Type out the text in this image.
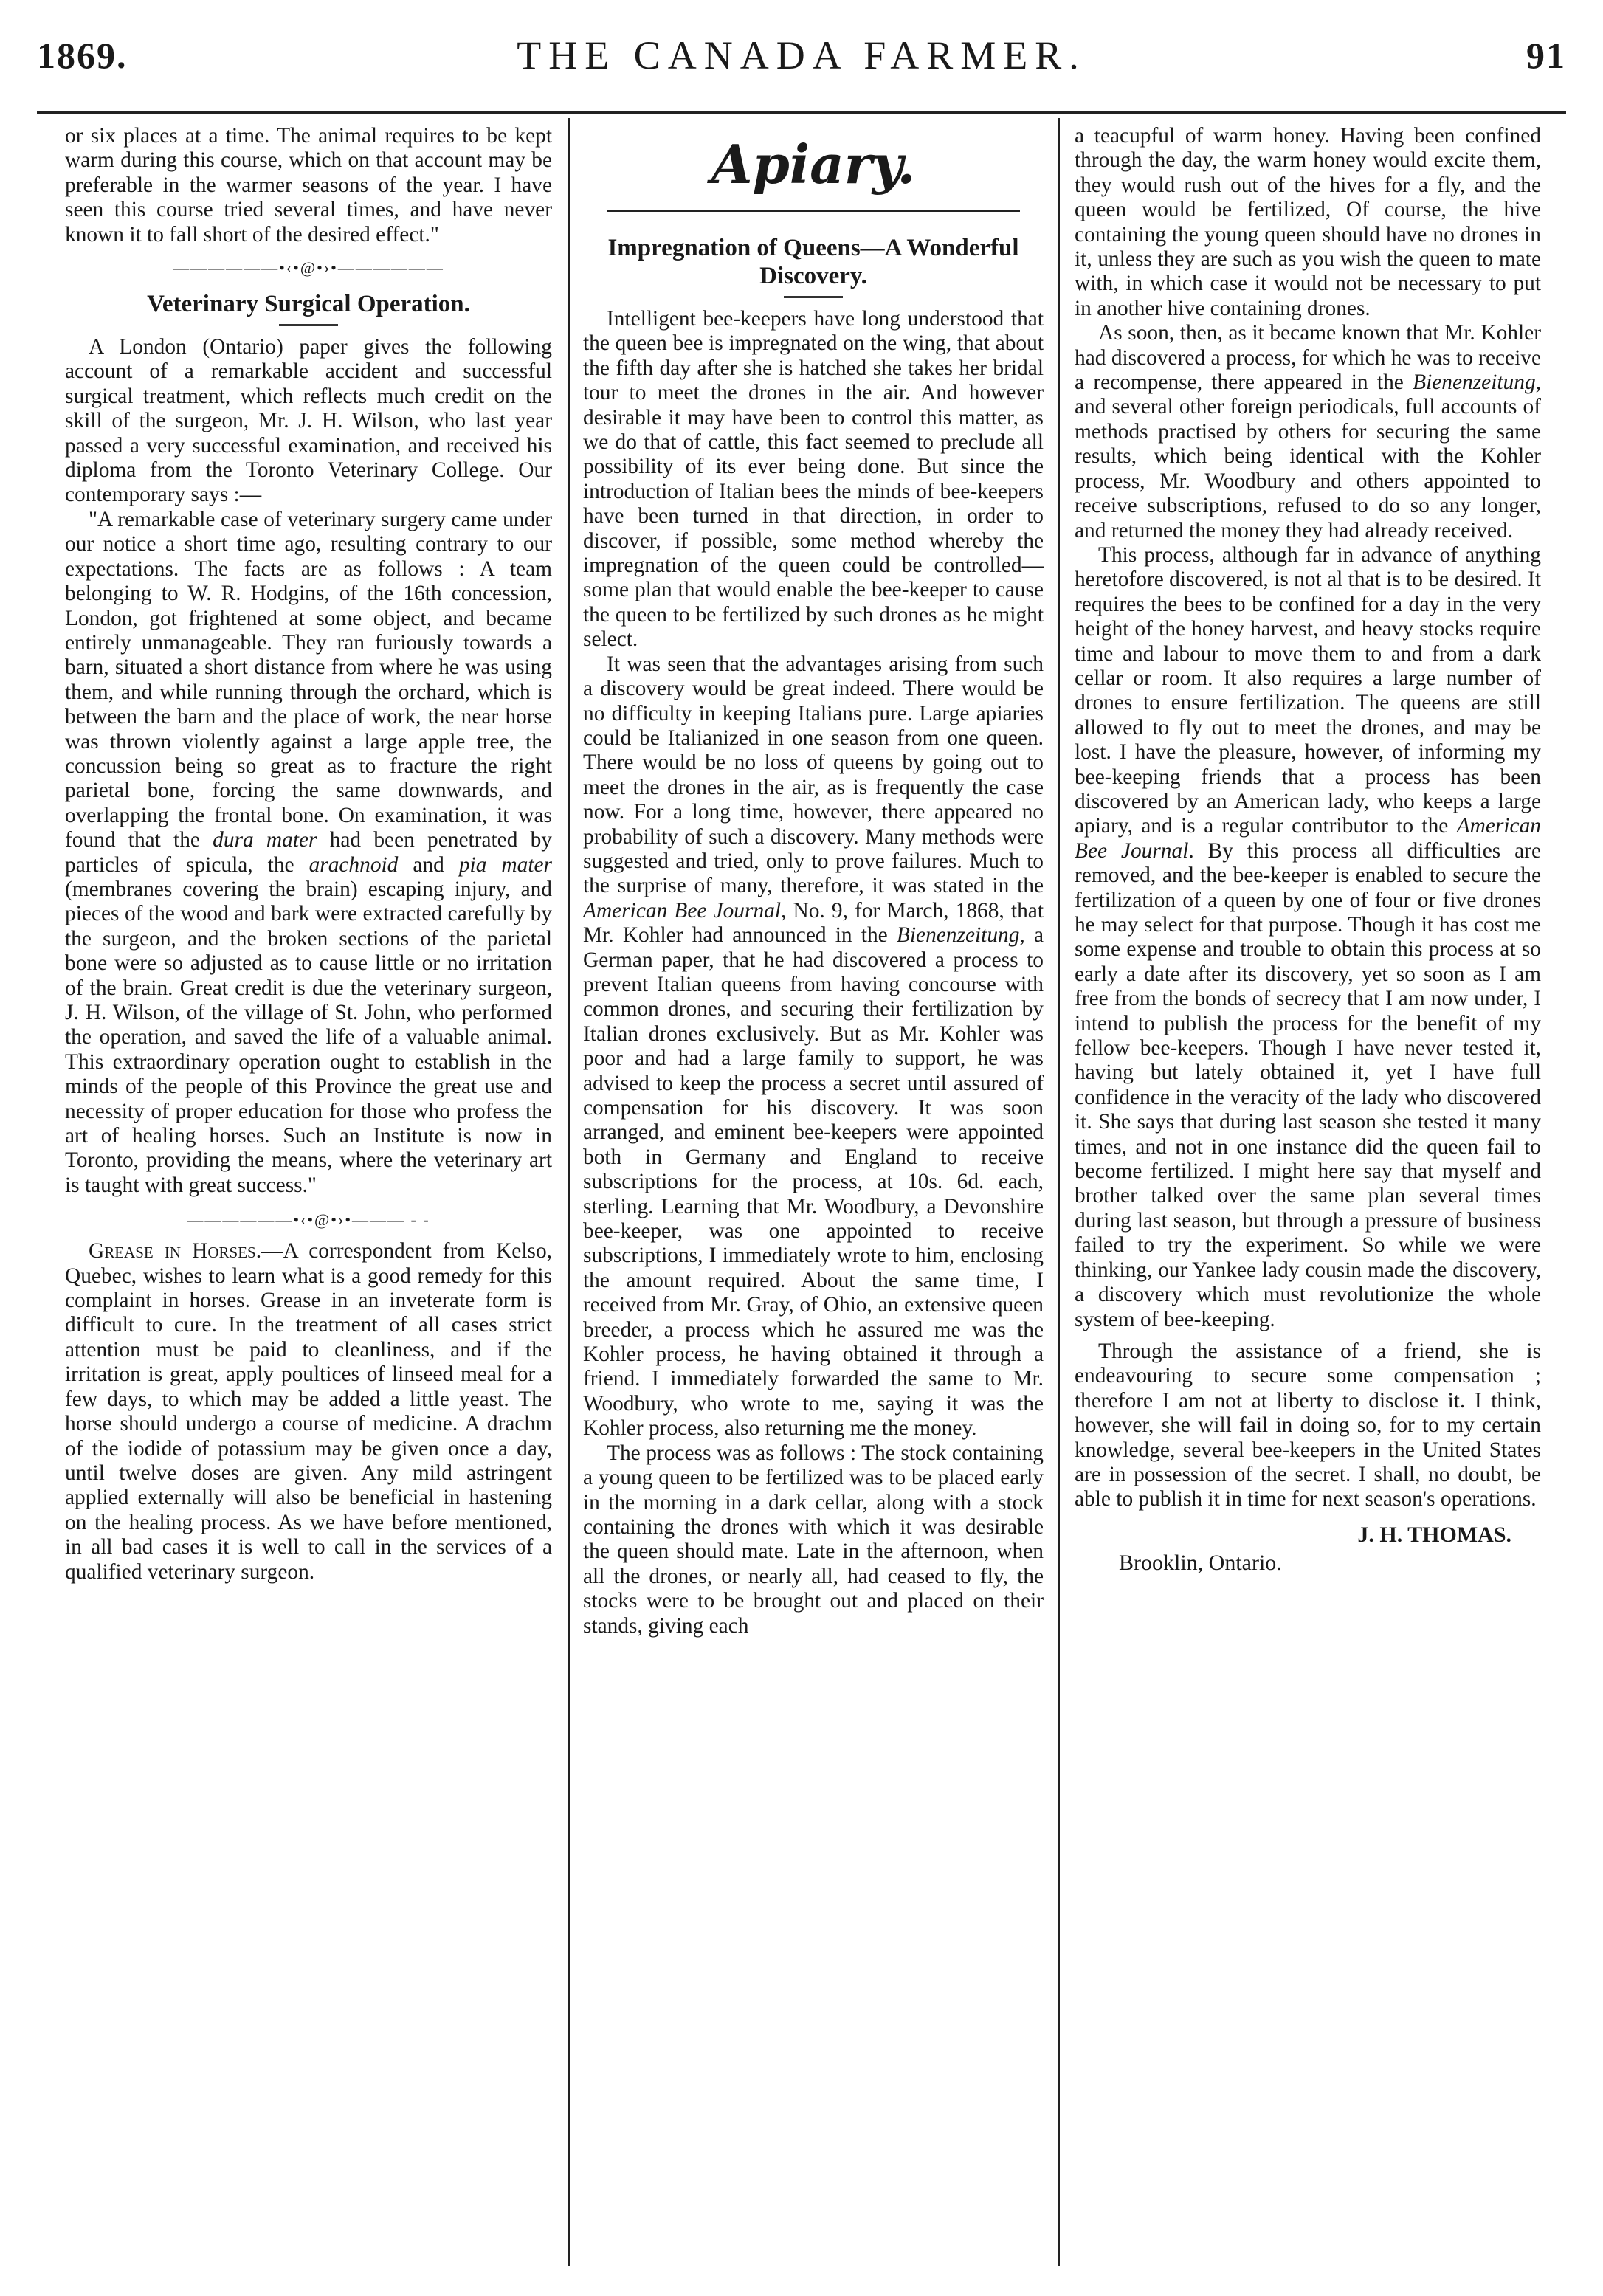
1869.	THE CANADA FARMER.	91

or six places at a time. The animal requires to be kept warm during this course, which on that account may be preferable in the warmer seasons of the year. I have seen this course tried several times, and have never known it to fall short of the desired effect."

——————•‹•@•›•——————
Veterinary Surgical Operation.

A London (Ontario) paper gives the following account of a remarkable accident and successful surgical treatment, which reflects much credit on the skill of the surgeon, Mr. J. H. Wilson, who last year passed a very successful examination, and received his diploma from the Toronto Veterinary College. Our contemporary says :—

"A remarkable case of veterinary surgery came under our notice a short time ago, resulting contrary to our expectations. The facts are as follows : A team belonging to W. R. Hodgins, of the 16th concession, London, got frightened at some object, and became entirely unmanageable. They ran furiously towards a barn, situated a short distance from where he was using them, and while running through the orchard, which is between the barn and the place of work, the near horse was thrown violently against a large apple tree, the concussion being so great as to fracture the right parietal bone, forcing the same downwards, and overlapping the frontal bone. On examination, it was found that the dura mater had been penetrated by particles of spicula, the arachnoid and pia mater (membranes covering the brain) escaping injury, and pieces of the wood and bark were extracted carefully by the surgeon, and the broken sections of the parietal bone were so adjusted as to cause little or no irritation of the brain. Great credit is due the veterinary surgeon, J. H. Wilson, of the village of St. John, who performed the operation, and saved the life of a valuable animal. This extraordinary operation ought to establish in the minds of the people of this Province the great use and necessity of proper education for those who profess the art of healing horses. Such an Institute is now in Toronto, providing the means, where the veterinary art is taught with great success."

——————•‹•@•›•——— - -

Grease in Horses.—A correspondent from Kelso, Quebec, wishes to learn what is a good remedy for this complaint in horses. Grease in an inveterate form is difficult to cure. In the treatment of all cases strict attention must be paid to cleanliness, and if the irritation is great, apply poultices of linseed meal for a few days, to which may be added a little yeast. The horse should undergo a course of medicine. A drachm of the iodide of potassium may be given once a day, until twelve doses are given. Any mild astringent applied externally will also be beneficial in hastening on the healing process. As we have before mentioned, in all bad cases it is well to call in the services of a qualified veterinary surgeon.

Apiary.
Impregnation of Queens—A Wonderful Discovery.

Intelligent bee-keepers have long understood that the queen bee is impregnated on the wing, that about the fifth day after she is hatched she takes her bridal tour to meet the drones in the air. And however desirable it may have been to control this matter, as we do that of cattle, this fact seemed to preclude all possibility of its ever being done. But since the introduction of Italian bees the minds of bee-keepers have been turned in that direction, in order to discover, if possible, some method whereby the impregnation of the queen could be controlled—some plan that would enable the bee-keeper to cause the queen to be fertilized by such drones as he might select.

It was seen that the advantages arising from such a discovery would be great indeed. There would be no difficulty in keeping Italians pure. Large apiaries could be Italianized in one season from one queen. There would be no loss of queens by going out to meet the drones in the air, as is frequently the case now. For a long time, however, there appeared no probability of such a discovery. Many methods were suggested and tried, only to prove failures. Much to the surprise of many, therefore, it was stated in the American Bee Journal, No. 9, for March, 1868, that Mr. Kohler had announced in the Bienenzeitung, a German paper, that he had discovered a process to prevent Italian queens from having concourse with common drones, and securing their fertilization by Italian drones exclusively. But as Mr. Kohler was poor and had a large family to support, he was advised to keep the process a secret until assured of compensation for his discovery. It was soon arranged, and eminent bee-keepers were appointed both in Germany and England to receive subscriptions for the process, at 10s. 6d. each, sterling. Learning that Mr. Woodbury, a Devonshire bee-keeper, was one appointed to receive subscriptions, I immediately wrote to him, enclosing the amount required. About the same time, I received from Mr. Gray, of Ohio, an extensive queen breeder, a process which he assured me was the Kohler process, he having obtained it through a friend. I immediately forwarded the same to Mr. Woodbury, who wrote to me, saying it was the Kohler process, also returning me the money.

The process was as follows : The stock containing a young queen to be fertilized was to be placed early in the morning in a dark cellar, along with a stock containing the drones with which it was desirable the queen should mate. Late in the afternoon, when all the drones, or nearly all, had ceased to fly, the stocks were to be brought out and placed on their stands, giving each

a teacupful of warm honey. Having been confined through the day, the warm honey would excite them, they would rush out of the hives for a fly, and the queen would be fertilized, Of course, the hive containing the young queen should have no drones in it, unless they are such as you wish the queen to mate with, in which case it would not be necessary to put in another hive containing drones.

As soon, then, as it became known that Mr. Kohler had discovered a process, for which he was to receive a recompense, there appeared in the Bienenzeitung, and several other foreign periodicals, full accounts of methods practised by others for securing the same results, which being identical with the Kohler process, Mr. Woodbury and others appointed to receive subscriptions, refused to do so any longer, and returned the money they had already received.

This process, although far in advance of anything heretofore discovered, is not al that is to be desired. It requires the bees to be confined for a day in the very height of the honey harvest, and heavy stocks require time and labour to move them to and from a dark cellar or room. It also requires a large number of drones to ensure fertilization. The queens are still allowed to fly out to meet the drones, and may be lost. I have the pleasure, however, of informing my bee-keeping friends that a process has been discovered by an American lady, who keeps a large apiary, and is a regular contributor to the American Bee Journal. By this process all difficulties are removed, and the bee-keeper is enabled to secure the fertilization of a queen by one of four or five drones he may select for that purpose. Though it has cost me some expense and trouble to obtain this process at so early a date after its discovery, yet so soon as I am free from the bonds of secrecy that I am now under, I intend to publish the process for the benefit of my fellow bee-keepers. Though I have never tested it, having but lately obtained it, yet I have full confidence in the veracity of the lady who discovered it. She says that during last season she tested it many times, and not in one instance did the queen fail to become fertilized. I might here say that myself and brother talked over the same plan several times during last season, but through a pressure of business failed to try the experiment. So while we were thinking, our Yankee lady cousin made the discovery, a discovery which must revolutionize the whole system of bee-keeping.

Through the assistance of a friend, she is endeavouring to secure some compensation ; therefore I am not at liberty to disclose it. I think, however, she will fail in doing so, for to my certain knowledge, several bee-keepers in the United States are in possession of the secret. I shall, no doubt, be able to publish it in time for next season's operations.

J. H. THOMAS.
Brooklin, Ontario.
